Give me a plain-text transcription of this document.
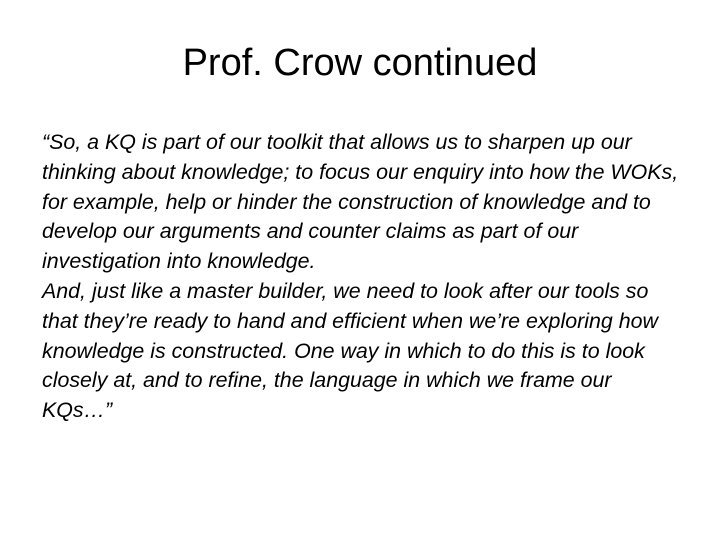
Prof. Crow continued

“So, a KQ is part of our toolkit that allows us to sharpen up our thinking about knowledge; to focus our enquiry into how the WOKs, for example, help or hinder the construction of knowledge and to develop our arguments and counter claims as part of our investigation into knowledge.

And, just like a master builder, we need to look after our tools so that they’re ready to hand and efficient when we’re exploring how knowledge is constructed. One way in which to do this is to look closely at, and to refine, the language in which we frame our KQs…”
